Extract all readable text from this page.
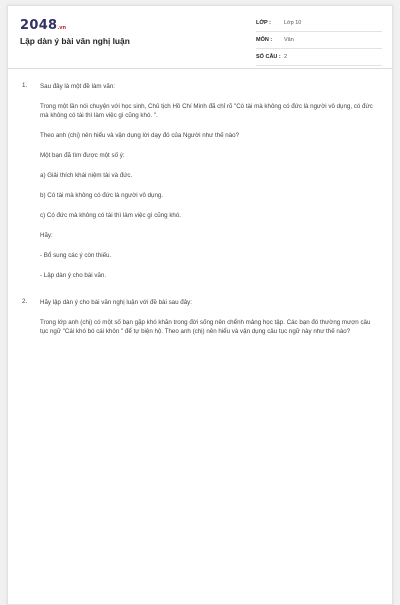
2048.vn
Lập dàn ý bài văn nghị luận
LỚP : Lớp 10
MÔN : Văn
SỐ CÂU : 2
1. Sau đây là một đề làm văn:

Trong một lần nói chuyện với học sinh, Chủ tịch Hồ Chí Minh đã chỉ rõ "Có tài mà không có đức là người vô dụng, có đức mà không có tài thì làm việc gì cũng khó. ".

Theo anh (chị) nên hiểu và vận dụng lời dạy đó của Người như thế nào?

Một bạn đã tìm được một số ý:

a) Giải thích khái niệm tài và đức.

b) Có tài mà không có đức là người vô dụng.

c) Có đức mà không có tài thì làm việc gì cũng khó.

Hãy:

- Bổ sung các ý còn thiếu.

- Lập dàn ý cho bài văn.

2. Hãy lập dàn ý cho bài văn nghị luận với đề bài sau đây:

Trong lớp anh (chị) có một số bạn gặp khó khăn trong đời sống nên chểnh mảng học tập. Các bạn đó thường mượn câu tục ngữ "Cái khó bó cái khôn " để tự biện hộ. Theo anh (chị) nên hiểu và vận dụng câu tục ngữ này như thế nào?
